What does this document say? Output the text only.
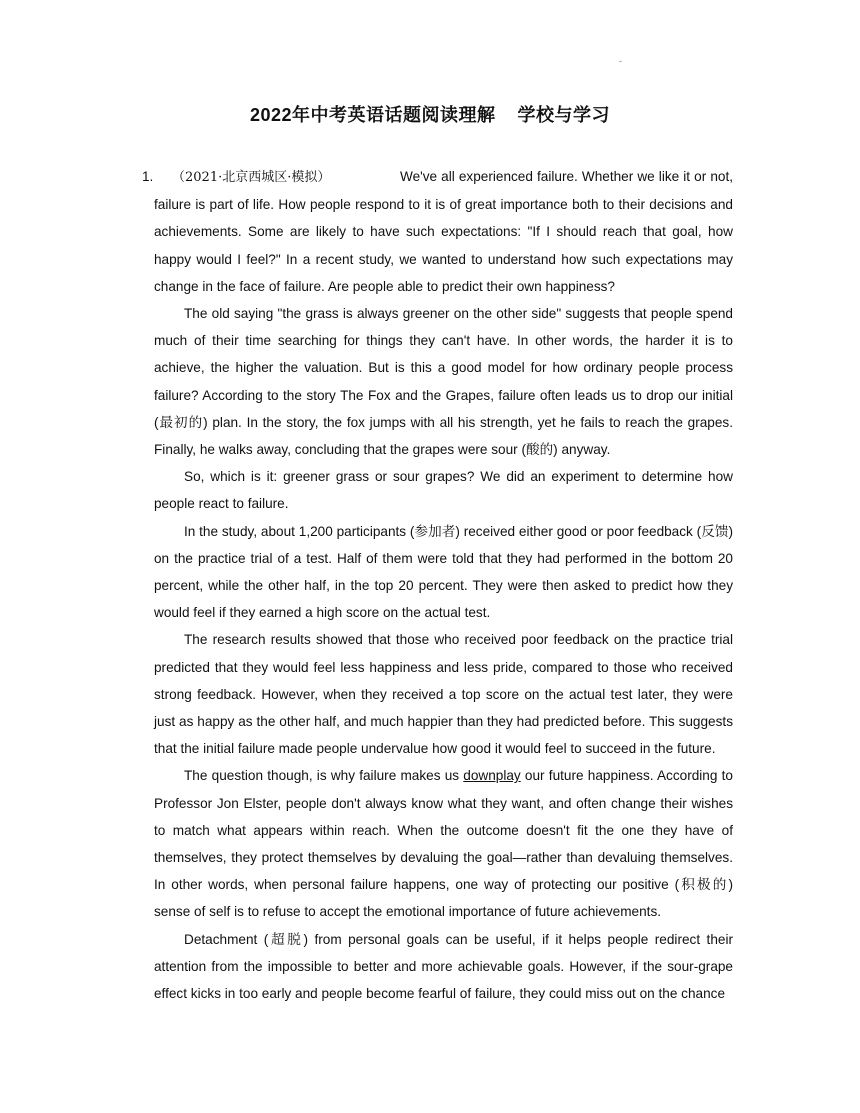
-
2022年中考英语话题阅读理解 学校与学习
1.	（2021·北京西城区·模拟）	We've all experienced failure. Whether we like it or not, failure is part of life. How people respond to it is of great importance both to their decisions and achievements. Some are likely to have such expectations: "If I should reach that goal, how happy would I feel?" In a recent study, we wanted to understand how such expectations may change in the face of failure. Are people able to predict their own happiness?

The old saying "the grass is always greener on the other side" suggests that people spend much of their time searching for things they can't have. In other words, the harder it is to achieve, the higher the valuation. But is this a good model for how ordinary people process failure? According to the story The Fox and the Grapes, failure often leads us to drop our initial (最初的) plan. In the story, the fox jumps with all his strength, yet he fails to reach the grapes. Finally, he walks away, concluding that the grapes were sour (酸的) anyway.

So, which is it: greener grass or sour grapes? We did an experiment to determine how people react to failure.

In the study, about 1,200 participants (参加者) received either good or poor feedback (反馈) on the practice trial of a test. Half of them were told that they had performed in the bottom 20 percent, while the other half, in the top 20 percent. They were then asked to predict how they would feel if they earned a high score on the actual test.

The research results showed that those who received poor feedback on the practice trial predicted that they would feel less happiness and less pride, compared to those who received strong feedback. However, when they received a top score on the actual test later, they were just as happy as the other half, and much happier than they had predicted before. This suggests that the initial failure made people undervalue how good it would feel to succeed in the future.

The question though, is why failure makes us downplay our future happiness. According to Professor Jon Elster, people don't always know what they want, and often change their wishes to match what appears within reach. When the outcome doesn't fit the one they have of themselves, they protect themselves by devaluing the goal—rather than devaluing themselves. In other words, when personal failure happens, one way of protecting our positive (积极的) sense of self is to refuse to accept the emotional importance of future achievements.

Detachment (超脱) from personal goals can be useful, if it helps people redirect their attention from the impossible to better and more achievable goals. However, if the sour-grape effect kicks in too early and people become fearful of failure, they could miss out on the chance
